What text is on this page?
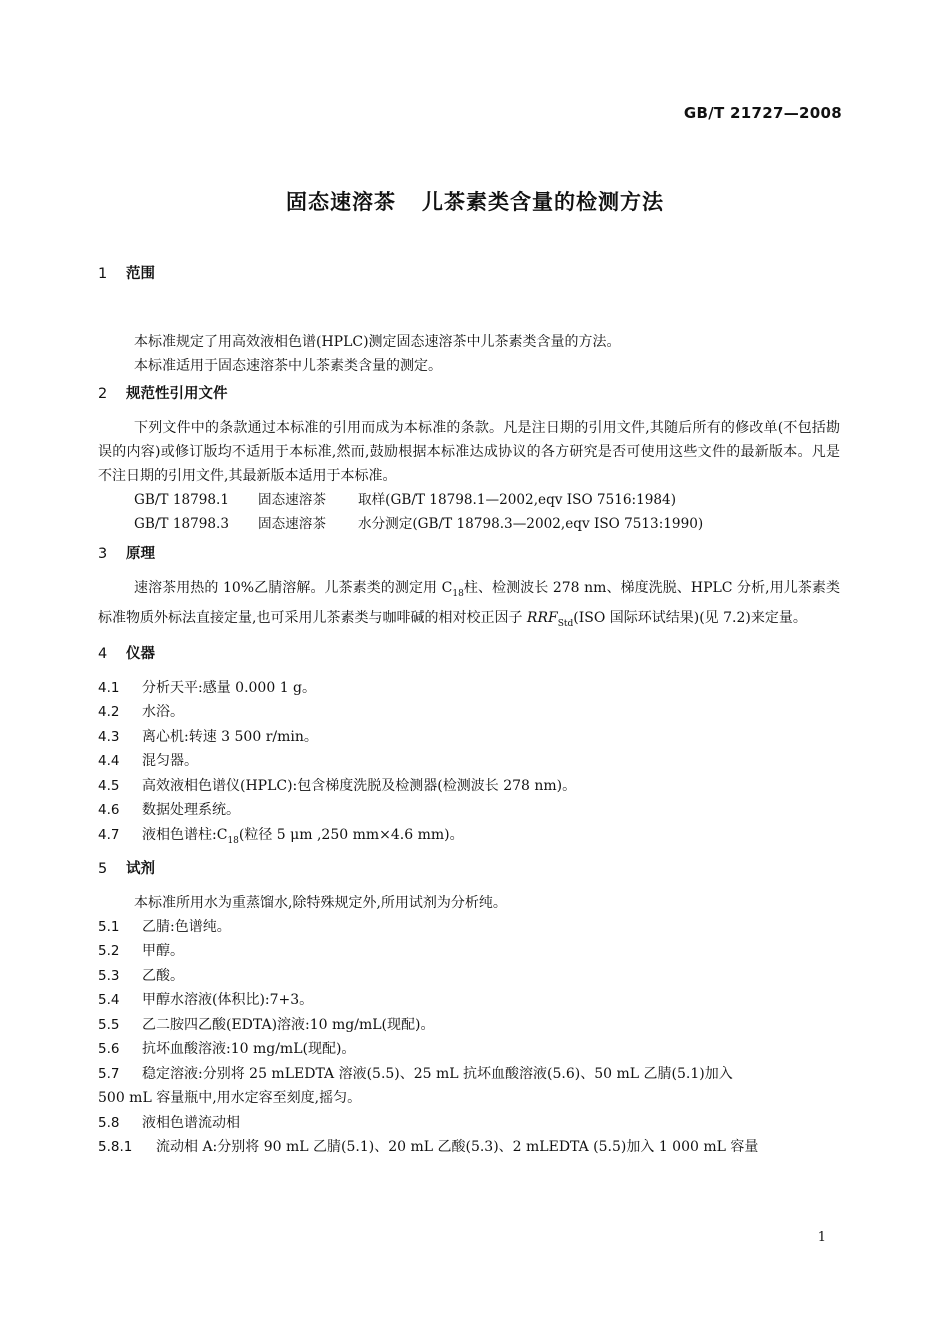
GB/T 21727—2008
固态速溶茶 儿茶素类含量的检测方法
1 范围
本标准规定了用高效液相色谱(HPLC)测定固态速溶茶中儿茶素类含量的方法。
本标准适用于固态速溶茶中儿茶素类含量的测定。
2 规范性引用文件
下列文件中的条款通过本标准的引用而成为本标准的条款。凡是注日期的引用文件,其随后所有的修改单(不包括勘误的内容)或修订版均不适用于本标准,然而,鼓励根据本标准达成协议的各方研究是否可使用这些文件的最新版本。凡是不注日期的引用文件,其最新版本适用于本标准。
GB/T 18798.1 固态速溶茶 取样(GB/T 18798.1—2002,eqv ISO 7516:1984)
GB/T 18798.3 固态速溶茶 水分测定(GB/T 18798.3—2002,eqv ISO 7513:1990)
3 原理
速溶茶用热的 10%乙腈溶解。儿茶素类的测定用 $C_{18}$柱、检测波长 278 nm、梯度洗脱、HPLC 分析,用儿茶素类标准物质外标法直接定量,也可采用儿茶素类与咖啡碱的相对校正因子 $RRF_{Std}(ISO$ 国际环试结果)(见 7.2)来定量。
4 仪器
4.1 分析天平:感量 0.000 1 g。
4.2 水浴。
4.3 离心机:转速 3 500 r/min。
4.4 混匀器。
4.5 高效液相色谱仪(HPLC):包含梯度洗脱及检测器(检测波长 278 nm)。
4.6 数据处理系统。
4.7 液相色谱柱$:C_{18}$(粒径 5 μm ,250 mm×4.6 mm)。
5 试剂
本标准所用水为重蒸馏水,除特殊规定外,所用试剂为分析纯。
5.1 乙腈:色谱纯。
5.2 甲醇。
5.3 乙酸。
5.4 甲醇水溶液(体积比):7+3。
5.5 乙二胺四乙酸(EDTA)溶液:10 mg/mL(现配)。
5.6 抗坏血酸溶液:10 mg/mL(现配)。
5.7 稳定溶液:分别将 25 mLEDTA 溶液(5.5)、25 mL 抗坏血酸溶液(5.6)、50 mL 乙腈(5.1)加入
500 mL 容量瓶中,用水定容至刻度,摇匀。
5.8 液相色谱流动相
5.8.1 流动相 A:分别将 90 mL 乙腈(5.1)、20 mL 乙酸(5.3)、2 mLEDTA (5.5)加入 1 000 mL 容量
1
